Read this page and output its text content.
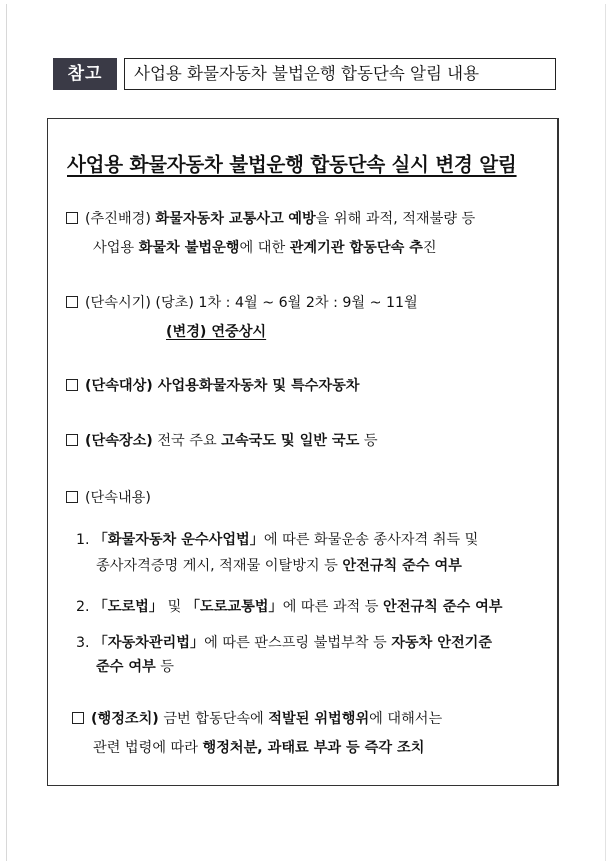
참고	사업용 화물자동차 불법운행 합동단속 알림 내용
사업용 화물자동차 불법운행 합동단속 실시 변경 알림
(추진배경) 화물자동차 교통사고 예방을 위해 과적, 적재불량 등
사업용 화물차 불법운행에 대한 관계기관 합동단속 추진
(단속시기) (당초) 1차 : 4월 ~ 6월 2차 : 9월 ~ 11월
(변경) 연중상시
(단속대상) 사업용화물자동차 및 특수자동차
(단속장소) 전국 주요 고속국도 및 일반 국도 등
(단속내용)
1. 「화물자동차 운수사업법」에 따른 화물운송 종사자격 취득 및
종사자격증명 게시, 적재물 이탈방지 등 안전규칙 준수 여부
2. 「도로법」 및 「도로교통법」에 따른 과적 등 안전규칙 준수 여부
3. 「자동차관리법」에 따른 판스프링 불법부착 등 자동차 안전기준
준수 여부 등
(행정조치) 금번 합동단속에 적발된 위법행위에 대해서는
관련 법령에 따라 행정처분, 과태료 부과 등 즉각 조치
